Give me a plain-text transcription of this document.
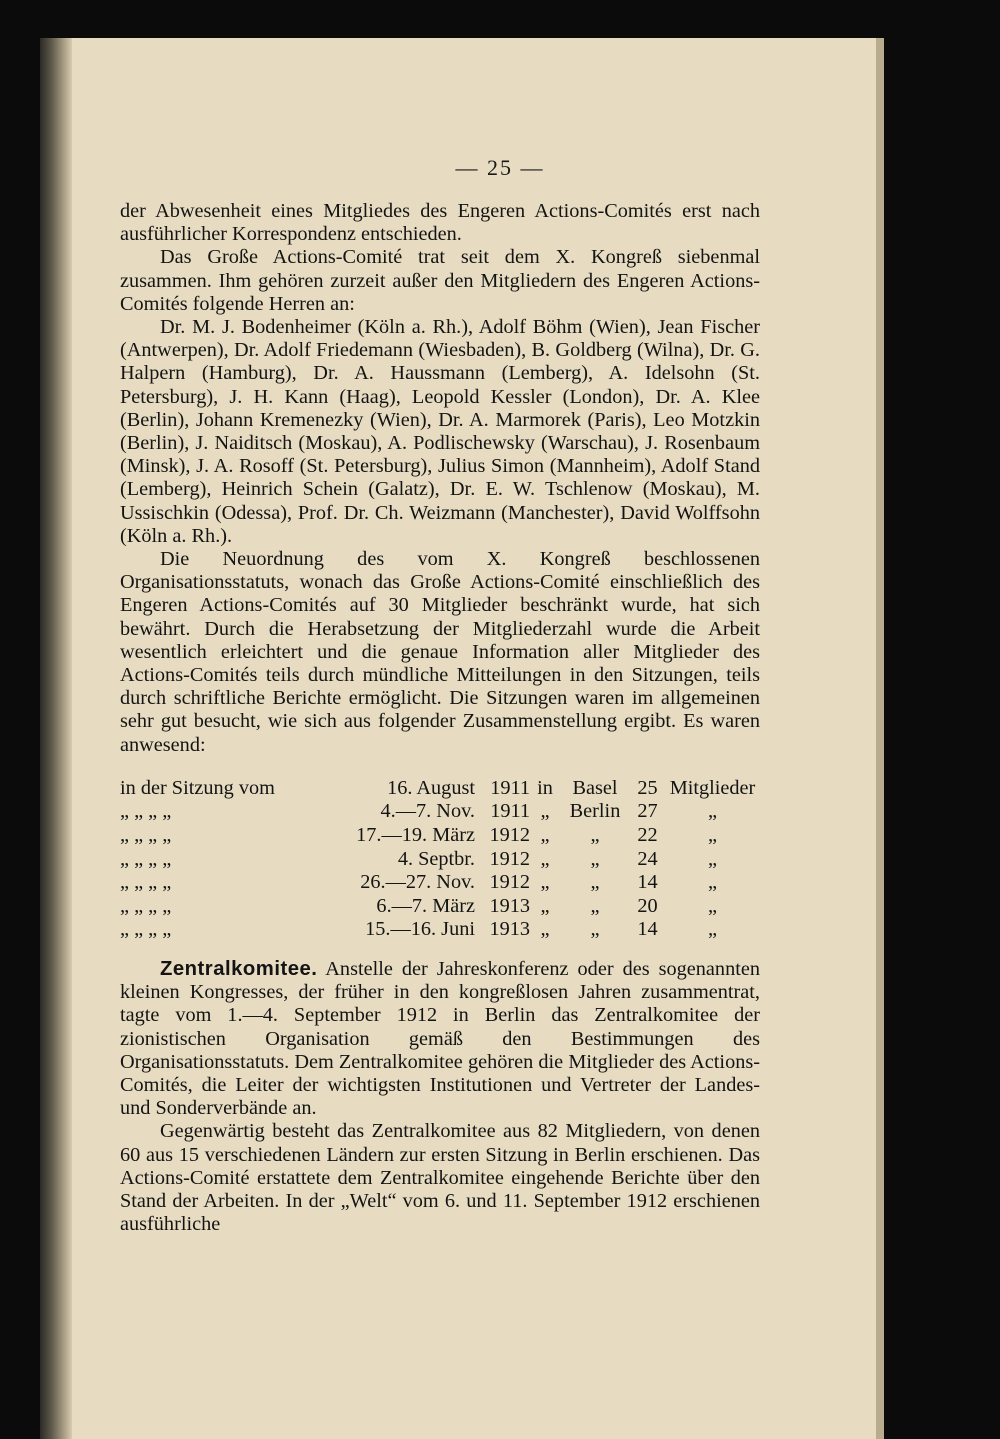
— 25 —

der Abwesenheit eines Mitgliedes des Engeren Actions-Comités erst nach ausführlicher Korrespondenz entschieden.

Das Große Actions-Comité trat seit dem X. Kongreß siebenmal zusammen. Ihm gehören zurzeit außer den Mitgliedern des Engeren Actions-Comités folgende Herren an:

Dr. M. J. Bodenheimer (Köln a. Rh.), Adolf Böhm (Wien), Jean Fischer (Antwerpen), Dr. Adolf Friedemann (Wiesbaden), B. Goldberg (Wilna), Dr. G. Halpern (Hamburg), Dr. A. Haussmann (Lemberg), A. Idelsohn (St. Petersburg), J. H. Kann (Haag), Leopold Kessler (London), Dr. A. Klee (Berlin), Johann Kremenezky (Wien), Dr. A. Marmorek (Paris), Leo Motzkin (Berlin), J. Naiditsch (Moskau), A. Podlischewsky (Warschau), J. Rosenbaum (Minsk), J. A. Rosoff (St. Petersburg), Julius Simon (Mannheim), Adolf Stand (Lemberg), Heinrich Schein (Galatz), Dr. E. W. Tschlenow (Moskau), M. Ussischkin (Odessa), Prof. Dr. Ch. Weizmann (Manchester), David Wolffsohn (Köln a. Rh.).

Die Neuordnung des vom X. Kongreß beschlossenen Organisationsstatuts, wonach das Große Actions-Comité einschließlich des Engeren Actions-Comités auf 30 Mitglieder beschränkt wurde, hat sich bewährt. Durch die Herabsetzung der Mitgliederzahl wurde die Arbeit wesentlich erleichtert und die genaue Information aller Mitglieder des Actions-Comités teils durch mündliche Mitteilungen in den Sitzungen, teils durch schriftliche Berichte ermöglicht. Die Sitzungen waren im allgemeinen sehr gut besucht, wie sich aus folgender Zusammenstellung ergibt. Es waren anwesend:

in der Sitzung vom	16. August 1911 in Basel 25 Mitglieder
„ „ „ „	4.—7. Nov. 1911 „ Berlin 27	„
„ „ „ „	17.—19. März 1912 „	„	22	„
„ „ „ „	4. Septbr. 1912 „	„	24	„
„ „ „ „	26.—27. Nov. 1912 „	„	14	„
„ „ „ „	6.—7. März 1913 „	„	20	„
„ „ „ „	15.—16. Juni 1913 „	„	14	„

Zentralkomitee. Anstelle der Jahreskonferenz oder des sogenannten kleinen Kongresses, der früher in den kongreßlosen Jahren zusammentrat, tagte vom 1.—4. September 1912 in Berlin das Zentralkomitee der zionistischen Organisation gemäß den Bestimmungen des Organisationsstatuts. Dem Zentralkomitee gehören die Mitglieder des Actions-Comités, die Leiter der wichtigsten Institutionen und Vertreter der Landes- und Sonderverbände an.

Gegenwärtig besteht das Zentralkomitee aus 82 Mitgliedern, von denen 60 aus 15 verschiedenen Ländern zur ersten Sitzung in Berlin erschienen. Das Actions-Comité erstattete dem Zentralkomitee eingehende Berichte über den Stand der Arbeiten. In der „Welt“ vom 6. und 11. September 1912 erschienen ausführliche
